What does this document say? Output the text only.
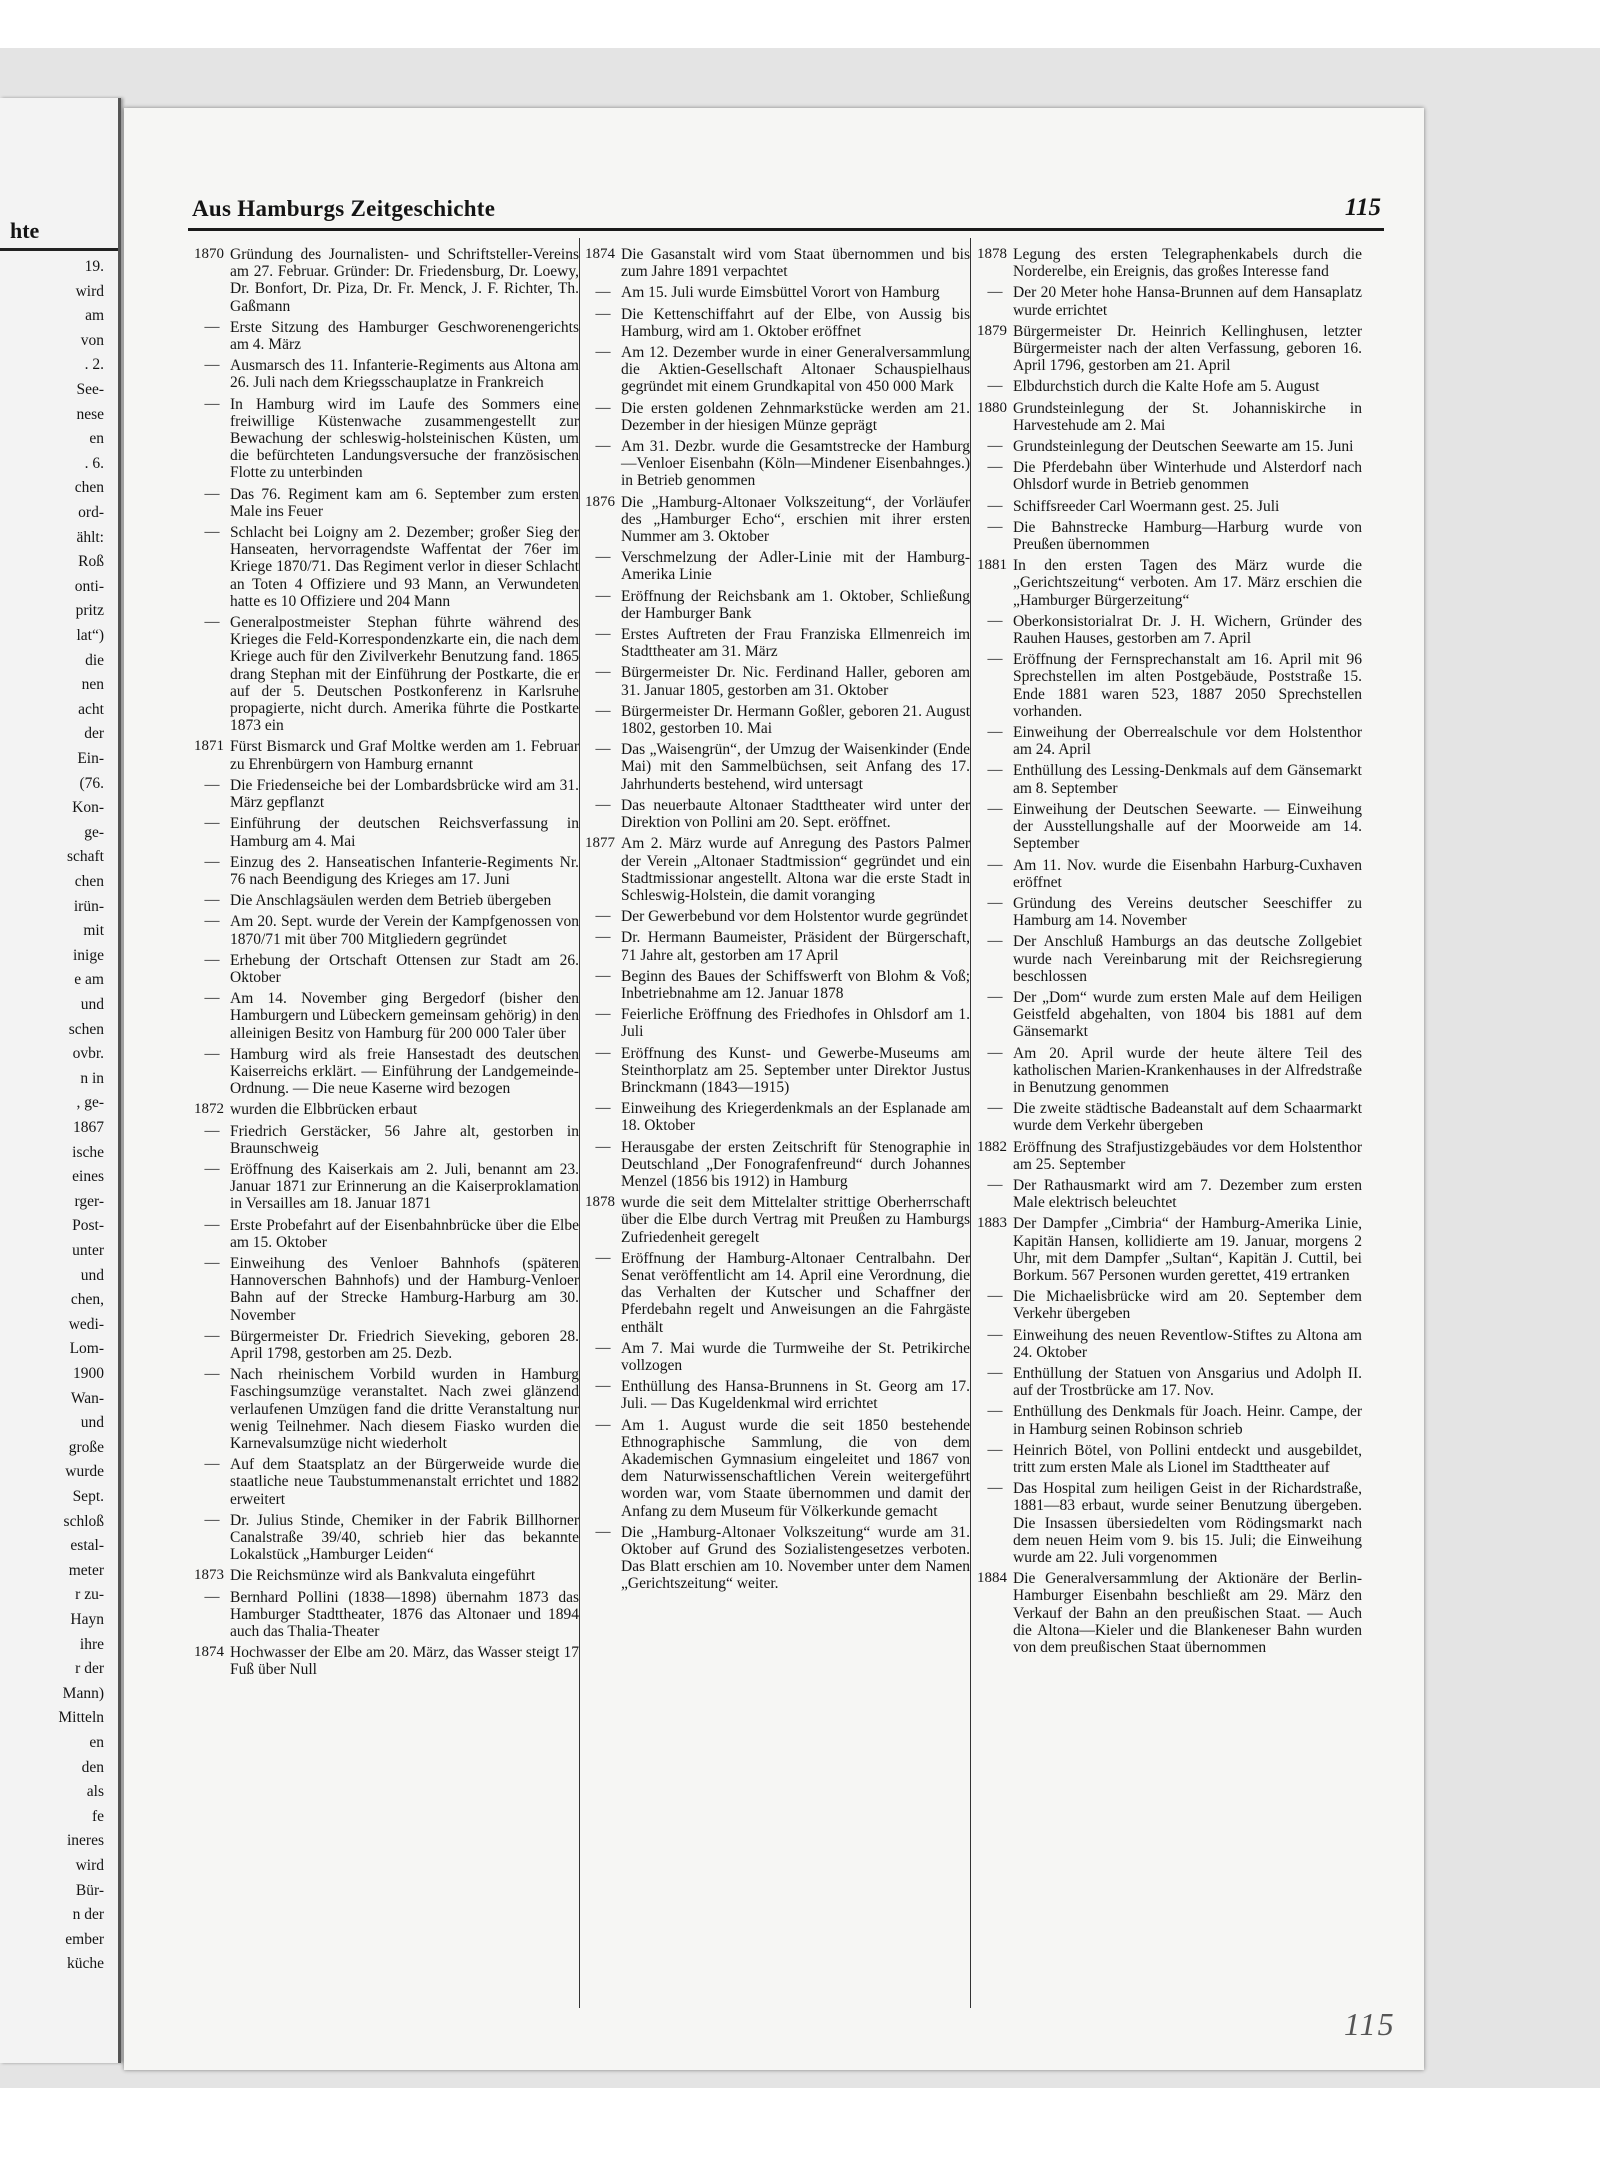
hte
19.
wird
am
von
. 2.
See-
nese
en
. 6.
chen
ord-
ählt:
Roß
onti-
pritz
lat“)
die
nen
acht
der
Ein-
(76.
Kon-
ge-
schaft
chen
irün-
mit
inige
e am
und
schen
ovbr.
n in
, ge-
1867
ische
eines
rger-
Post-
unter
und
chen,
wedi-
Lom-
1900
Wan-
und
große
wurde
Sept.
schloß
estal-
meter
r zu-
Hayn
ihre
r der
Mann)
Mitteln
en
den
als
fe
ineres
wird
Bür-
n der
ember
küche
Aus Hamburgs Zeitgeschichte	115
1870 Gründung des Journalisten- und Schriftsteller-Vereins am 27. Februar. Gründer: Dr. Friedensburg, Dr. Loewy, Dr. Bonfort, Dr. Piza, Dr. Fr. Menck, J. F. Richter, Th. Gaßmann
— Erste Sitzung des Hamburger Geschworenengerichts am 4. März
— Ausmarsch des 11. Infanterie-Regiments aus Altona am 26. Juli nach dem Kriegsschauplatze in Frankreich
— In Hamburg wird im Laufe des Sommers eine freiwillige Küstenwache zusammengestellt zur Bewachung der schleswig-holsteinischen Küsten, um die befürchteten Landungsversuche der französischen Flotte zu unterbinden
— Das 76. Regiment kam am 6. September zum ersten Male ins Feuer
— Schlacht bei Loigny am 2. Dezember; großer Sieg der Hanseaten, hervorragendste Waffentat der 76er im Kriege 1870/71. Das Regiment verlor in dieser Schlacht an Toten 4 Offiziere und 93 Mann, an Verwundeten hatte es 10 Offiziere und 204 Mann
— Generalpostmeister Stephan führte während des Krieges die Feld-Korrespondenzkarte ein, die nach dem Kriege auch für den Zivilverkehr Benutzung fand. 1865 drang Stephan mit der Einführung der Postkarte, die er auf der 5. Deutschen Postkonferenz in Karlsruhe propagierte, nicht durch. Amerika führte die Postkarte 1873 ein
1871 Fürst Bismarck und Graf Moltke werden am 1. Februar zu Ehrenbürgern von Hamburg ernannt
— Die Friedenseiche bei der Lombardsbrücke wird am 31. März gepflanzt
— Einführung der deutschen Reichsverfassung in Hamburg am 4. Mai
— Einzug des 2. Hanseatischen Infanterie-Regiments Nr. 76 nach Beendigung des Krieges am 17. Juni
— Die Anschlagsäulen werden dem Betrieb übergeben
— Am 20. Sept. wurde der Verein der Kampfgenossen von 1870/71 mit über 700 Mitgliedern gegründet
— Erhebung der Ortschaft Ottensen zur Stadt am 26. Oktober
— Am 14. November ging Bergedorf (bisher den Hamburgern und Lübeckern gemeinsam gehörig) in den alleinigen Besitz von Hamburg für 200 000 Taler über
— Hamburg wird als freie Hansestadt des deutschen Kaiserreichs erklärt. — Einführung der Landgemeinde-Ordnung. — Die neue Kaserne wird bezogen
1872 wurden die Elbbrücken erbaut
— Friedrich Gerstäcker, 56 Jahre alt, gestorben in Braunschweig
— Eröffnung des Kaiserkais am 2. Juli, benannt am 23. Januar 1871 zur Erinnerung an die Kaiserproklamation in Versailles am 18. Januar 1871
— Erste Probefahrt auf der Eisenbahnbrücke über die Elbe am 15. Oktober
— Einweihung des Venloer Bahnhofs (späteren Hannoverschen Bahnhofs) und der Hamburg-Venloer Bahn auf der Strecke Hamburg-Harburg am 30. November
— Bürgermeister Dr. Friedrich Sieveking, geboren 28. April 1798, gestorben am 25. Dezb.
— Nach rheinischem Vorbild wurden in Hamburg Faschingsumzüge veranstaltet. Nach zwei glänzend verlaufenen Umzügen fand die dritte Veranstaltung nur wenig Teilnehmer. Nach diesem Fiasko wurden die Karnevalsumzüge nicht wiederholt
— Auf dem Staatsplatz an der Bürgerweide wurde die staatliche neue Taubstummenanstalt errichtet und 1882 erweitert
— Dr. Julius Stinde, Chemiker in der Fabrik Billhorner Canalstraße 39/40, schrieb hier das bekannte Lokalstück „Hamburger Leiden“
1873 Die Reichsmünze wird als Bankvaluta eingeführt
— Bernhard Pollini (1838—1898) übernahm 1873 das Hamburger Stadttheater, 1876 das Altonaer und 1894 auch das Thalia-Theater
1874 Hochwasser der Elbe am 20. März, das Wasser steigt 17 Fuß über Null
1874 Die Gasanstalt wird vom Staat übernommen und bis zum Jahre 1891 verpachtet
— Am 15. Juli wurde Eimsbüttel Vorort von Hamburg
— Die Kettenschiffahrt auf der Elbe, von Aussig bis Hamburg, wird am 1. Oktober eröffnet
— Am 12. Dezember wurde in einer Generalversammlung die Aktien-Gesellschaft Altonaer Schauspielhaus gegründet mit einem Grundkapital von 450 000 Mark
— Die ersten goldenen Zehnmarkstücke werden am 21. Dezember in der hiesigen Münze geprägt
— Am 31. Dezbr. wurde die Gesamtstrecke der Hamburg—Venloer Eisenbahn (Köln—Mindener Eisenbahnges.) in Betrieb genommen
1876 Die „Hamburg-Altonaer Volkszeitung“, der Vorläufer des „Hamburger Echo“, erschien mit ihrer ersten Nummer am 3. Oktober
— Verschmelzung der Adler-Linie mit der Hamburg-Amerika Linie
— Eröffnung der Reichsbank am 1. Oktober, Schließung der Hamburger Bank
— Erstes Auftreten der Frau Franziska Ellmenreich im Stadttheater am 31. März
— Bürgermeister Dr. Nic. Ferdinand Haller, geboren am 31. Januar 1805, gestorben am 31. Oktober
— Bürgermeister Dr. Hermann Goßler, geboren 21. August 1802, gestorben 10. Mai
— Das „Waisengrün“, der Umzug der Waisenkinder (Ende Mai) mit den Sammelbüchsen, seit Anfang des 17. Jahrhunderts bestehend, wird untersagt
— Das neuerbaute Altonaer Stadttheater wird unter der Direktion von Pollini am 20. Sept. eröffnet.
1877 Am 2. März wurde auf Anregung des Pastors Palmer der Verein „Altonaer Stadtmission“ gegründet und ein Stadtmissionar angestellt. Altona war die erste Stadt in Schleswig-Holstein, die damit voranging
— Der Gewerbebund vor dem Holstentor wurde gegründet
— Dr. Hermann Baumeister, Präsident der Bürgerschaft, 71 Jahre alt, gestorben am 17 April
— Beginn des Baues der Schiffswerft von Blohm & Voß; Inbetriebnahme am 12. Januar 1878
— Feierliche Eröffnung des Friedhofes in Ohlsdorf am 1. Juli
— Eröffnung des Kunst- und Gewerbe-Museums am Steinthorplatz am 25. September unter Direktor Justus Brinckmann (1843—1915)
— Einweihung des Kriegerdenkmals an der Esplanade am 18. Oktober
— Herausgabe der ersten Zeitschrift für Stenographie in Deutschland „Der Fonografenfreund“ durch Johannes Menzel (1856 bis 1912) in Hamburg
1878 wurde die seit dem Mittelalter strittige Oberherrschaft über die Elbe durch Vertrag mit Preußen zu Hamburgs Zufriedenheit geregelt
— Eröffnung der Hamburg-Altonaer Centralbahn. Der Senat veröffentlicht am 14. April eine Verordnung, die das Verhalten der Kutscher und Schaffner der Pferdebahn regelt und Anweisungen an die Fahrgäste enthält
— Am 7. Mai wurde die Turmweihe der St. Petrikirche vollzogen
— Enthüllung des Hansa-Brunnens in St. Georg am 17. Juli. — Das Kugeldenkmal wird errichtet
— Am 1. August wurde die seit 1850 bestehende Ethnographische Sammlung, die von dem Akademischen Gymnasium eingeleitet und 1867 von dem Naturwissenschaftlichen Verein weitergeführt worden war, vom Staate übernommen und damit der Anfang zu dem Museum für Völkerkunde gemacht
— Die „Hamburg-Altonaer Volkszeitung“ wurde am 31. Oktober auf Grund des Sozialistengesetzes verboten. Das Blatt erschien am 10. November unter dem Namen „Gerichtszeitung“ weiter.
1878 Legung des ersten Telegraphenkabels durch die Norderelbe, ein Ereignis, das großes Interesse fand
— Der 20 Meter hohe Hansa-Brunnen auf dem Hansaplatz wurde errichtet
1879 Bürgermeister Dr. Heinrich Kellinghusen, letzter Bürgermeister nach der alten Verfassung, geboren 16. April 1796, gestorben am 21. April
— Elbdurchstich durch die Kalte Hofe am 5. August
1880 Grundsteinlegung der St. Johanniskirche in Harvestehude am 2. Mai
— Grundsteinlegung der Deutschen Seewarte am 15. Juni
— Die Pferdebahn über Winterhude und Alsterdorf nach Ohlsdorf wurde in Betrieb genommen
— Schiffsreeder Carl Woermann gest. 25. Juli
— Die Bahnstrecke Hamburg—Harburg wurde von Preußen übernommen
1881 In den ersten Tagen des März wurde die „Gerichtszeitung“ verboten. Am 17. März erschien die „Hamburger Bürgerzeitung“
— Oberkonsistorialrat Dr. J. H. Wichern, Gründer des Rauhen Hauses, gestorben am 7. April
— Eröffnung der Fernsprechanstalt am 16. April mit 96 Sprechstellen im alten Postgebäude, Poststraße 15. Ende 1881 waren 523, 1887 2050 Sprechstellen vorhanden.
— Einweihung der Oberrealschule vor dem Holstenthor am 24. April
— Enthüllung des Lessing-Denkmals auf dem Gänsemarkt am 8. September
— Einweihung der Deutschen Seewarte. — Einweihung der Ausstellungshalle auf der Moorweide am 14. September
— Am 11. Nov. wurde die Eisenbahn Harburg-Cuxhaven eröffnet
— Gründung des Vereins deutscher Seeschiffer zu Hamburg am 14. November
— Der Anschluß Hamburgs an das deutsche Zollgebiet wurde nach Vereinbarung mit der Reichsregierung beschlossen
— Der „Dom“ wurde zum ersten Male auf dem Heiligen Geistfeld abgehalten, von 1804 bis 1881 auf dem Gänsemarkt
— Am 20. April wurde der heute ältere Teil des katholischen Marien-Krankenhauses in der Alfredstraße in Benutzung genommen
— Die zweite städtische Badeanstalt auf dem Schaarmarkt wurde dem Verkehr übergeben
1882 Eröffnung des Strafjustizgebäudes vor dem Holstenthor am 25. September
— Der Rathausmarkt wird am 7. Dezember zum ersten Male elektrisch beleuchtet
1883 Der Dampfer „Cimbria“ der Hamburg-Amerika Linie, Kapitän Hansen, kollidierte am 19. Januar, morgens 2 Uhr, mit dem Dampfer „Sultan“, Kapitän J. Cuttil, bei Borkum. 567 Personen wurden gerettet, 419 ertranken
— Die Michaelisbrücke wird am 20. September dem Verkehr übergeben
— Einweihung des neuen Reventlow-Stiftes zu Altona am 24. Oktober
— Enthüllung der Statuen von Ansgarius und Adolph II. auf der Trostbrücke am 17. Nov.
— Enthüllung des Denkmals für Joach. Heinr. Campe, der in Hamburg seinen Robinson schrieb
— Heinrich Bötel, von Pollini entdeckt und ausgebildet, tritt zum ersten Male als Lionel im Stadttheater auf
— Das Hospital zum heiligen Geist in der Richardstraße, 1881—83 erbaut, wurde seiner Benutzung übergeben. Die Insassen übersiedelten vom Rödingsmarkt nach dem neuen Heim vom 9. bis 15. Juli; die Einweihung wurde am 22. Juli vorgenommen
1884 Die Generalversammlung der Aktionäre der Berlin-Hamburger Eisenbahn beschließt am 29. März den Verkauf der Bahn an den preußischen Staat. — Auch die Altona—Kieler und die Blankeneser Bahn wurden von dem preußischen Staat übernommen
115
